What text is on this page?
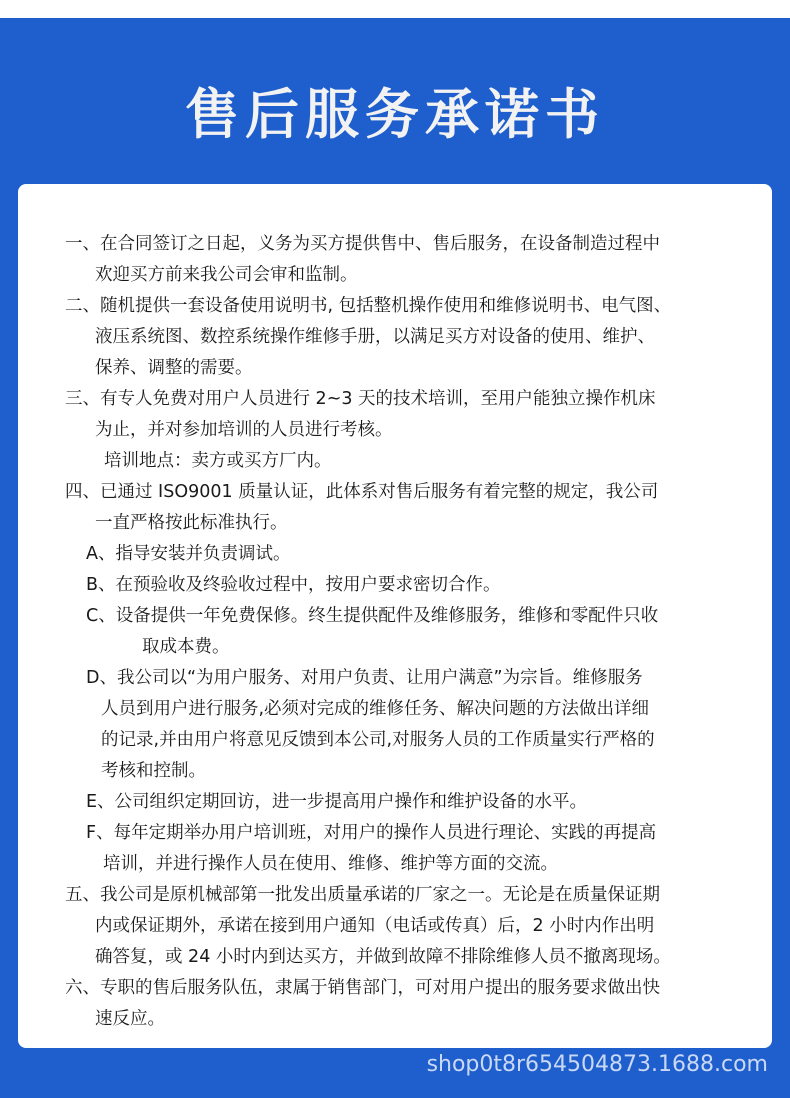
售后服务承诺书
一、在合同签订之日起，义务为买方提供售中、售后服务，在设备制造过程中
欢迎买方前来我公司会审和监制。
二、随机提供一套设备使用说明书, 包括整机操作使用和维修说明书、电气图、
液压系统图、数控系统操作维修手册，以满足买方对设备的使用、维护、
保养、调整的需要。
三、有专人免费对用户人员进行 2~3 天的技术培训，至用户能独立操作机床
为止，并对参加培训的人员进行考核。
培训地点：卖方或买方厂内。
四、已通过 ISO9001 质量认证，此体系对售后服务有着完整的规定，我公司
一直严格按此标准执行。
A、指导安装并负责调试。
B、在预验收及终验收过程中，按用户要求密切合作。
C、设备提供一年免费保修。终生提供配件及维修服务，维修和零配件只收
取成本费。
D、我公司以“为用户服务、对用户负责、让用户满意”为宗旨。维修服务
人员到用户进行服务,必须对完成的维修任务、解决问题的方法做出详细
的记录,并由用户将意见反馈到本公司,对服务人员的工作质量实行严格的
考核和控制。
E、公司组织定期回访，进一步提高用户操作和维护设备的水平。
F、每年定期举办用户培训班，对用户的操作人员进行理论、实践的再提高
培训，并进行操作人员在使用、维修、维护等方面的交流。
五、我公司是原机械部第一批发出质量承诺的厂家之一。无论是在质量保证期
内或保证期外，承诺在接到用户通知（电话或传真）后，2 小时内作出明
确答复，或 24 小时内到达买方，并做到故障不排除维修人员不撤离现场。
六、专职的售后服务队伍，隶属于销售部门，可对用户提出的服务要求做出快
速反应。
shop0t8r654504873.1688.com
